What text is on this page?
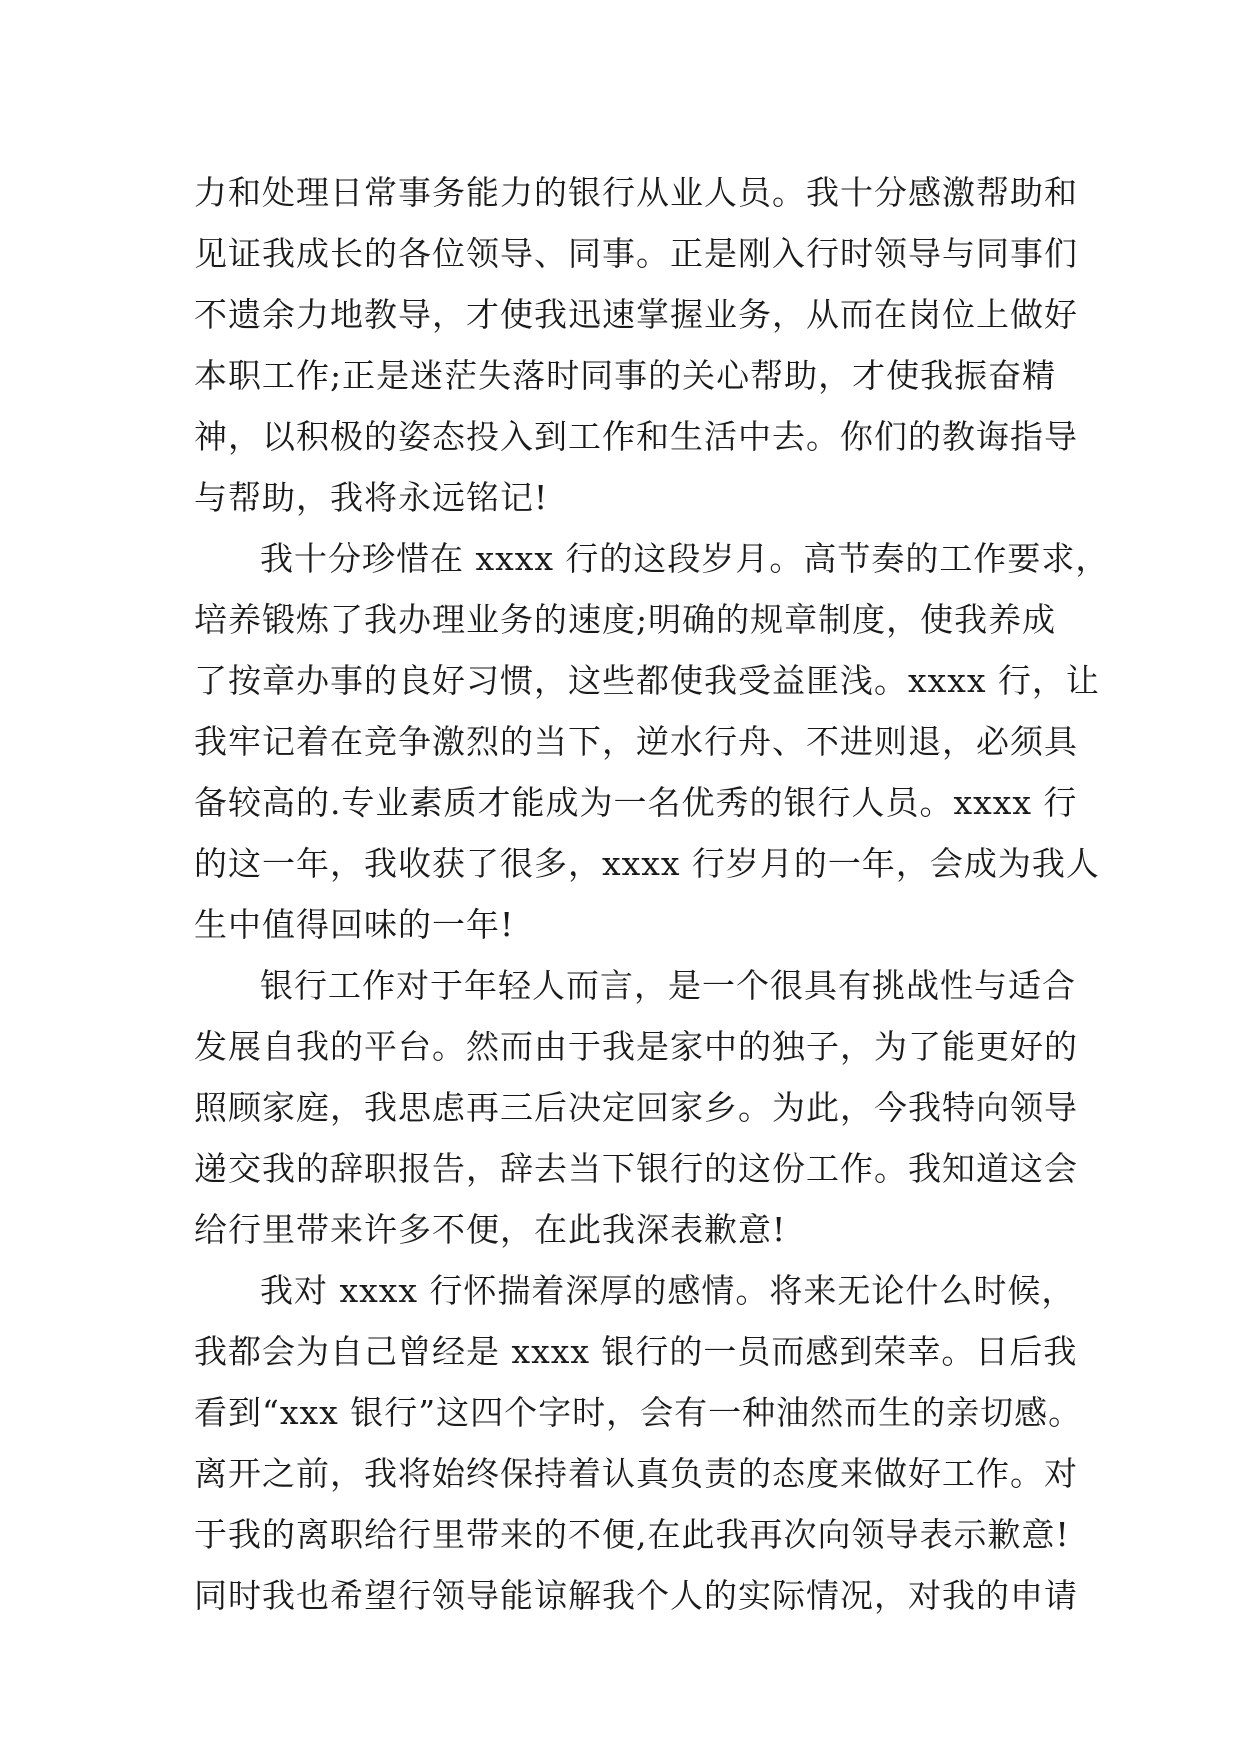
力和处理日常事务能力的银行从业人员。我十分感激帮助和
见证我成长的各位领导、同事。正是刚入行时领导与同事们
不遗余力地教导，才使我迅速掌握业务，从而在岗位上做好
本职工作;正是迷茫失落时同事的关心帮助，才使我振奋精
神，以积极的姿态投入到工作和生活中去。你们的教诲指导
与帮助，我将永远铭记!
我十分珍惜在 xxxx 行的这段岁月。高节奏的工作要求，
培养锻炼了我办理业务的速度;明确的规章制度，使我养成
了按章办事的良好习惯，这些都使我受益匪浅。xxxx 行，让
我牢记着在竞争激烈的当下，逆水行舟、不进则退，必须具
备较高的.专业素质才能成为一名优秀的银行人员。xxxx 行
的这一年，我收获了很多，xxxx 行岁月的一年，会成为我人
生中值得回味的一年!
银行工作对于年轻人而言，是一个很具有挑战性与适合
发展自我的平台。然而由于我是家中的独子，为了能更好的
照顾家庭，我思虑再三后决定回家乡。为此，今我特向领导
递交我的辞职报告，辞去当下银行的这份工作。我知道这会
给行里带来许多不便，在此我深表歉意!
我对 xxxx 行怀揣着深厚的感情。将来无论什么时候，
我都会为自己曾经是 xxxx 银行的一员而感到荣幸。日后我
看到“xxx 银行”这四个字时，会有一种油然而生的亲切感。
离开之前，我将始终保持着认真负责的态度来做好工作。对
于我的离职给行里带来的不便,在此我再次向领导表示歉意!
同时我也希望行领导能谅解我个人的实际情况，对我的申请
